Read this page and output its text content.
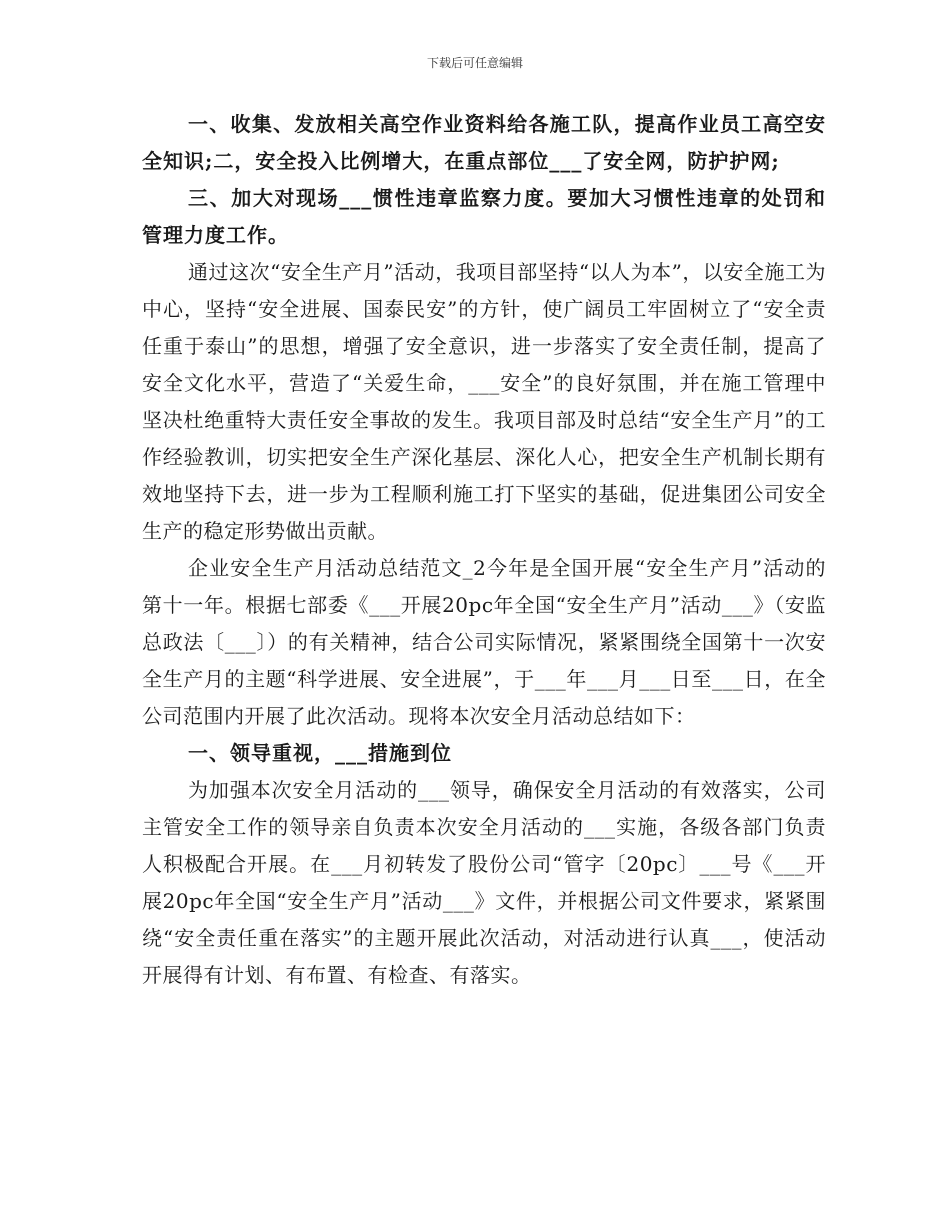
下载后可任意编辑

一、收集、发放相关高空作业资料给各施工队，提高作业员工高空安全知识;二，安全投入比例增大，在重点部位___了安全网，防护护网;

三、加大对现场___惯性违章监察力度。要加大习惯性违章的处罚和管理力度工作。

通过这次“安全生产月”活动，我项目部坚持“以人为本”，以安全施工为中心，坚持“安全进展、国泰民安”的方针，使广阔员工牢固树立了“安全责任重于泰山”的思想，增强了安全意识，进一步落实了安全责任制，提高了安全文化水平，营造了“关爱生命，___安全”的良好氛围，并在施工管理中坚决杜绝重特大责任安全事故的发生。我项目部及时总结“安全生产月”的工作经验教训，切实把安全生产深化基层、深化人心，把安全生产机制长期有效地坚持下去，进一步为工程顺利施工打下坚实的基础，促进集团公司安全生产的稳定形势做出贡献。

企业安全生产月活动总结范文_2今年是全国开展“安全生产月”活动的第十一年。根据七部委《___开展20pc年全国“安全生产月”活动___》（安监总政法〔___〕）的有关精神，结合公司实际情况，紧紧围绕全国第十一次安全生产月的主题“科学进展、安全进展”，于___年___月___日至___日，在全公司范围内开展了此次活动。现将本次安全月活动总结如下：

一、领导重视，___措施到位

为加强本次安全月活动的___领导，确保安全月活动的有效落实，公司主管安全工作的领导亲自负责本次安全月活动的___实施，各级各部门负责人积极配合开展。在___月初转发了股份公司“管字〔20pc〕___号《___开展20pc年全国“安全生产月”活动___》文件，并根据公司文件要求，紧紧围绕“安全责任重在落实”的主题开展此次活动，对活动进行认真___，使活动开展得有计划、有布置、有检查、有落实。
